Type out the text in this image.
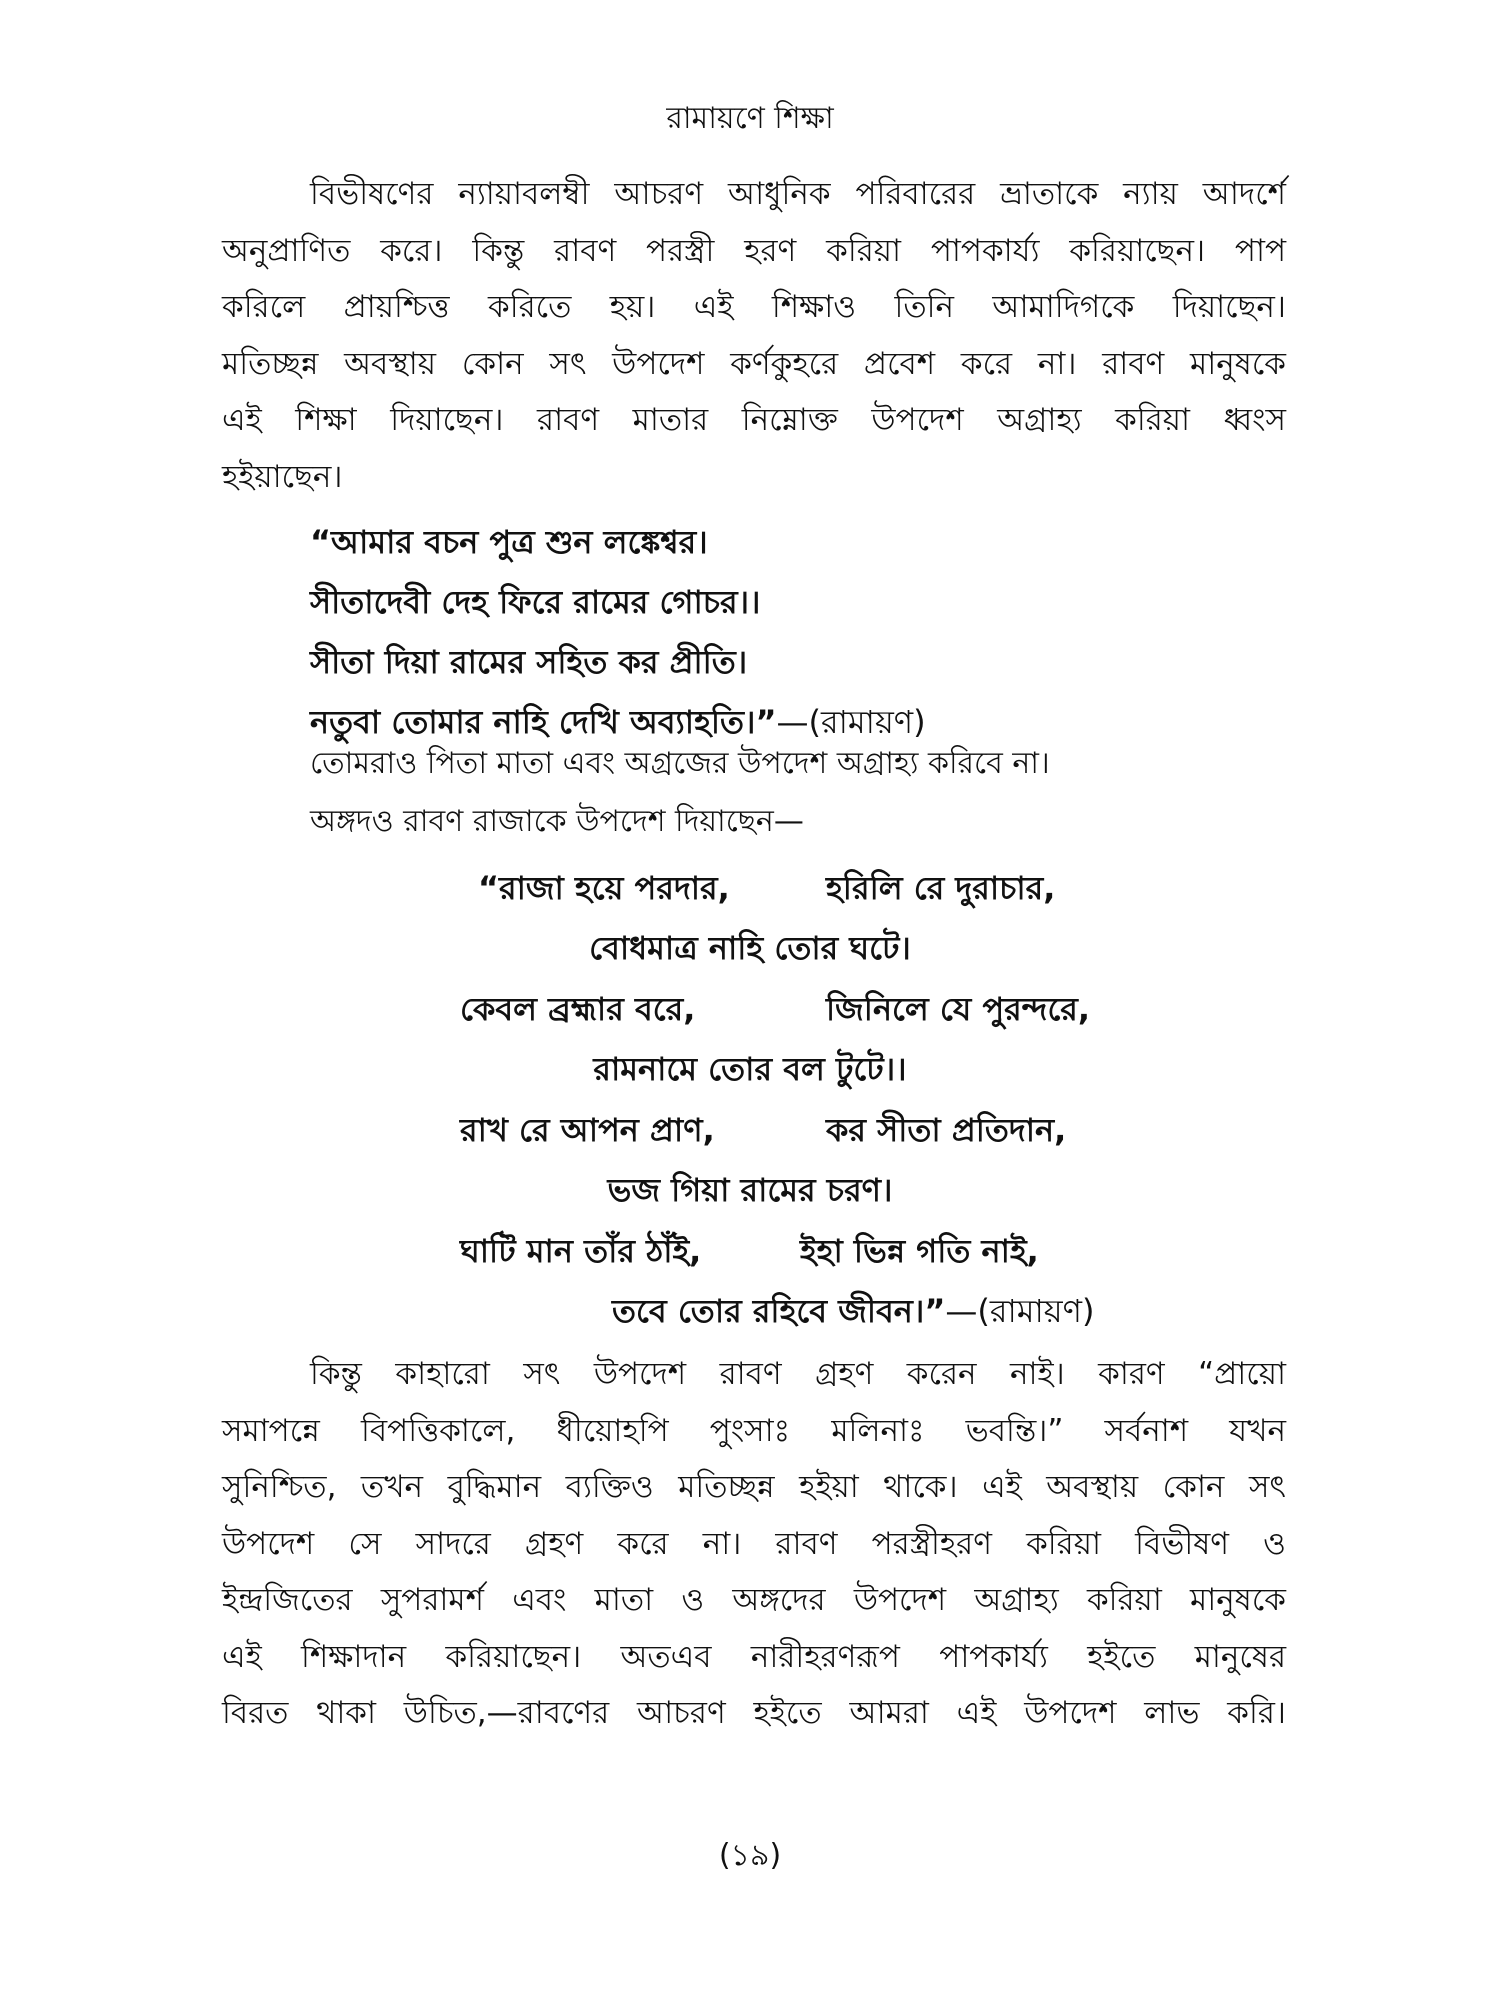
রামায়ণে শিক্ষা

বিভীষণের ন্যায়াবলম্বী আচরণ আধুনিক পরিবারের ভ্রাতাকে ন্যায় আদর্শে
অনুপ্রাণিত করে। কিন্তু রাবণ পরস্ত্রী হরণ করিয়া পাপকার্য্য করিয়াছেন। পাপ
করিলে প্রায়শ্চিত্ত করিতে হয়। এই শিক্ষাও তিনি আমাদিগকে দিয়াছেন।
মতিচ্ছন্ন অবস্থায় কোন সৎ উপদেশ কর্ণকুহরে প্রবেশ করে না। রাবণ মানুষকে
এই শিক্ষা দিয়াছেন। রাবণ মাতার নিম্নোক্ত উপদেশ অগ্রাহ্য করিয়া ধ্বংস
হইয়াছেন।

“আমার বচন পুত্র শুন লঙ্কেশ্বর।
সীতাদেবী দেহ ফিরে রামের গোচর।।
সীতা দিয়া রামের সহিত কর প্রীতি।
নতুবা তোমার নাহি দেখি অব্যাহতি।”—(রামায়ণ)
তোমরাও পিতা মাতা এবং অগ্রজের উপদেশ অগ্রাহ্য করিবে না।
অঙ্গদও রাবণ রাজাকে উপদেশ দিয়াছেন—
“রাজা হয়ে পরদার,	হরিলি রে দুরাচার,
বোধমাত্র নাহি তোর ঘটে।
কেবল ব্রহ্মার বরে,	জিনিলে যে পুরন্দরে,
রামনামে তোর বল টুটে।।
রাখ রে আপন প্রাণ,	কর সীতা প্রতিদান,
ভজ গিয়া রামের চরণ।
ঘাটি মান তাঁর ঠাঁই,	ইহা ভিন্ন গতি নাই,
তবে তোর রহিবে জীবন।”—(রামায়ণ)

কিন্তু কাহারো সৎ উপদেশ রাবণ গ্রহণ করেন নাই। কারণ “প্রায়ো
সমাপন্নে বিপত্তিকালে, ধীয়োহপি পুংসাঃ মলিনাঃ ভবন্তি।” সর্বনাশ যখন
সুনিশ্চিত, তখন বুদ্ধিমান ব্যক্তিও মতিচ্ছন্ন হইয়া থাকে। এই অবস্থায় কোন সৎ
উপদেশ সে সাদরে গ্রহণ করে না। রাবণ পরস্ত্রীহরণ করিয়া বিভীষণ ও
ইন্দ্রজিতের সুপরামর্শ এবং মাতা ও অঙ্গদের উপদেশ অগ্রাহ্য করিয়া মানুষকে
এই শিক্ষাদান করিয়াছেন। অতএব নারীহরণরূপ পাপকার্য্য হইতে মানুষের
বিরত থাকা উচিত,—রাবণের আচরণ হইতে আমরা এই উপদেশ লাভ করি।

(১৯)
